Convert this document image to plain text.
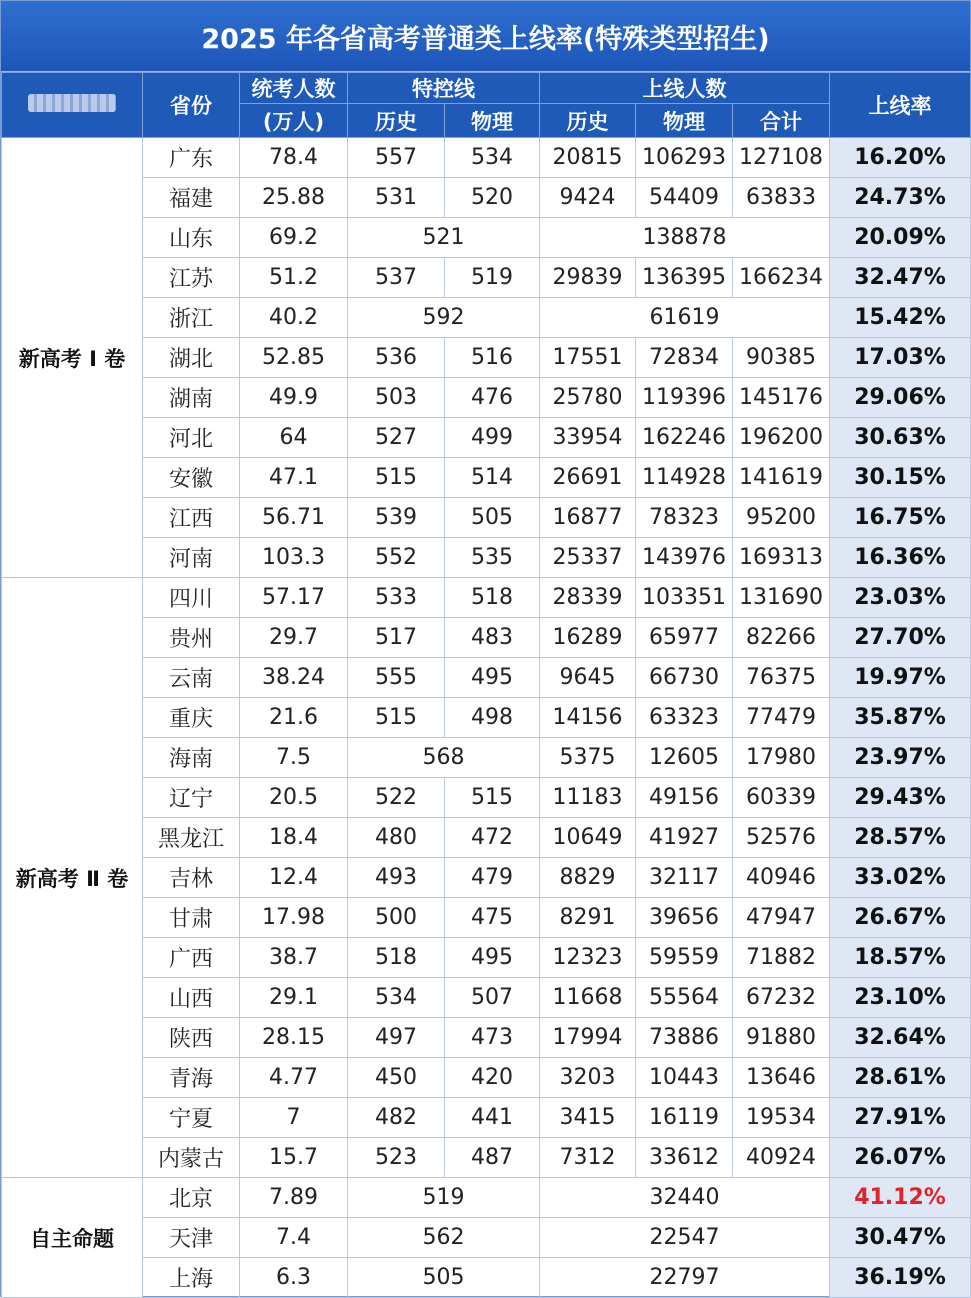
2025 年各省高考普通类上线率(特殊类型招生)
	省份	统考人数	特控线		上线人数			上线率
		(万人)	历史	物理	历史	物理	合计	
新高考 Ⅰ 卷	广东	78.4	557	534	20815	106293	127108	16.20%
	福建	25.88	531	520	9424	54409	63833	24.73%
	山东	69.2	521		138878			20.09%
	江苏	51.2	537	519	29839	136395	166234	32.47%
	浙江	40.2	592		61619			15.42%
	湖北	52.85	536	516	17551	72834	90385	17.03%
	湖南	49.9	503	476	25780	119396	145176	29.06%
	河北	64	527	499	33954	162246	196200	30.63%
	安徽	47.1	515	514	26691	114928	141619	30.15%
	江西	56.71	539	505	16877	78323	95200	16.75%
	河南	103.3	552	535	25337	143976	169313	16.36%
新高考 Ⅱ 卷	四川	57.17	533	518	28339	103351	131690	23.03%
	贵州	29.7	517	483	16289	65977	82266	27.70%
	云南	38.24	555	495	9645	66730	76375	19.97%
	重庆	21.6	515	498	14156	63323	77479	35.87%
	海南	7.5	568		5375	12605	17980	23.97%
	辽宁	20.5	522	515	11183	49156	60339	29.43%
	黑龙江	18.4	480	472	10649	41927	52576	28.57%
	吉林	12.4	493	479	8829	32117	40946	33.02%
	甘肃	17.98	500	475	8291	39656	47947	26.67%
	广西	38.7	518	495	12323	59559	71882	18.57%
	山西	29.1	534	507	11668	55564	67232	23.10%
	陕西	28.15	497	473	17994	73886	91880	32.64%
	青海	4.77	450	420	3203	10443	13646	28.61%
	宁夏	7	482	441	3415	16119	19534	27.91%
	内蒙古	15.7	523	487	7312	33612	40924	26.07%
自主命题	北京	7.89	519		32440			41.12%
	天津	7.4	562		22547			30.47%
	上海	6.3	505		22797			36.19%
